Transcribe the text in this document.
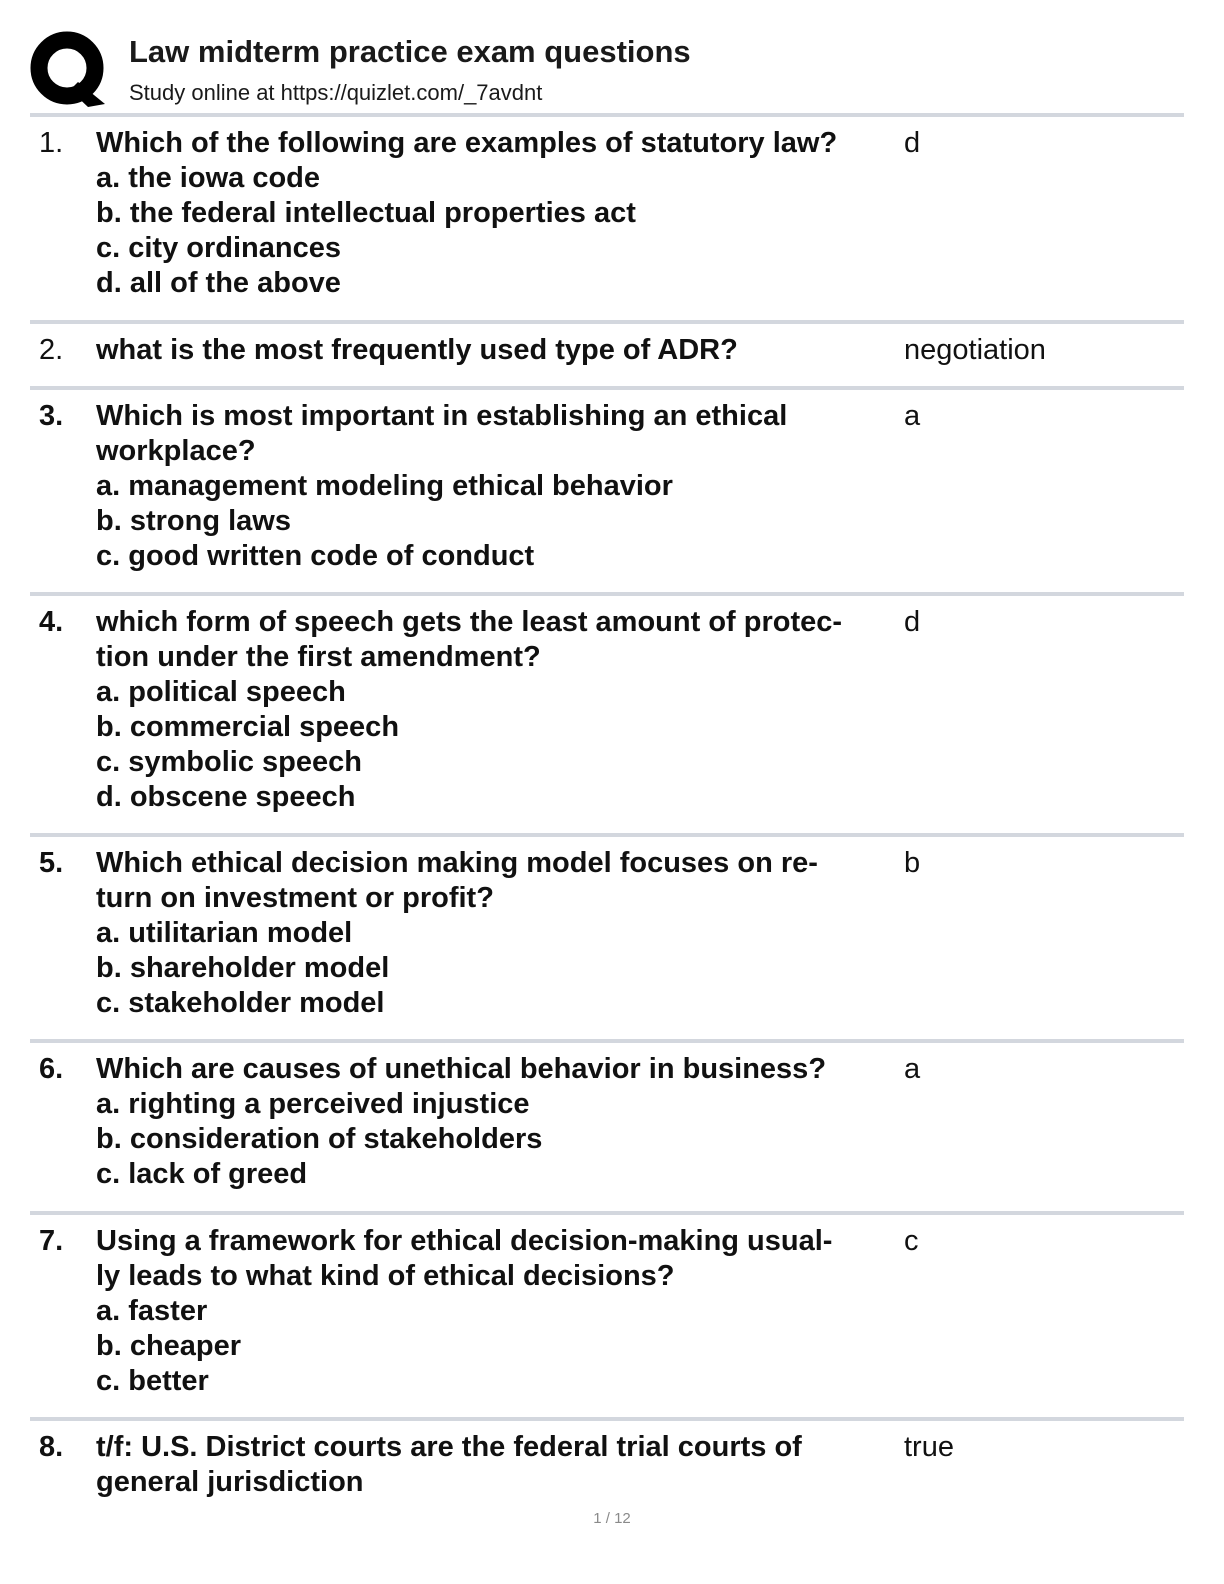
Law midterm practice exam questions
Study online at https://quizlet.com/_7avdnt
1. Which of the following are examples of statutory law?
a. the iowa code
b. the federal intellectual properties act
c. city ordinances
d. all of the above
d
2. what is the most frequently used type of ADR?	negotiation
3. Which is most important in establishing an ethical
workplace?
a. management modeling ethical behavior
b. strong laws
c. good written code of conduct
a
4. which form of speech gets the least amount of protec-
tion under the first amendment?
a. political speech
b. commercial speech
c. symbolic speech
d. obscene speech
d
5. Which ethical decision making model focuses on re-
turn on investment or profit?
a. utilitarian model
b. shareholder model
c. stakeholder model
b
6. Which are causes of unethical behavior in business?
a. righting a perceived injustice
b. consideration of stakeholders
c. lack of greed
a
7. Using a framework for ethical decision-making usual-
ly leads to what kind of ethical decisions?
a. faster
b. cheaper
c. better
c
8. t/f: U.S. District courts are the federal trial courts of
general jurisdiction
true
1 / 12
